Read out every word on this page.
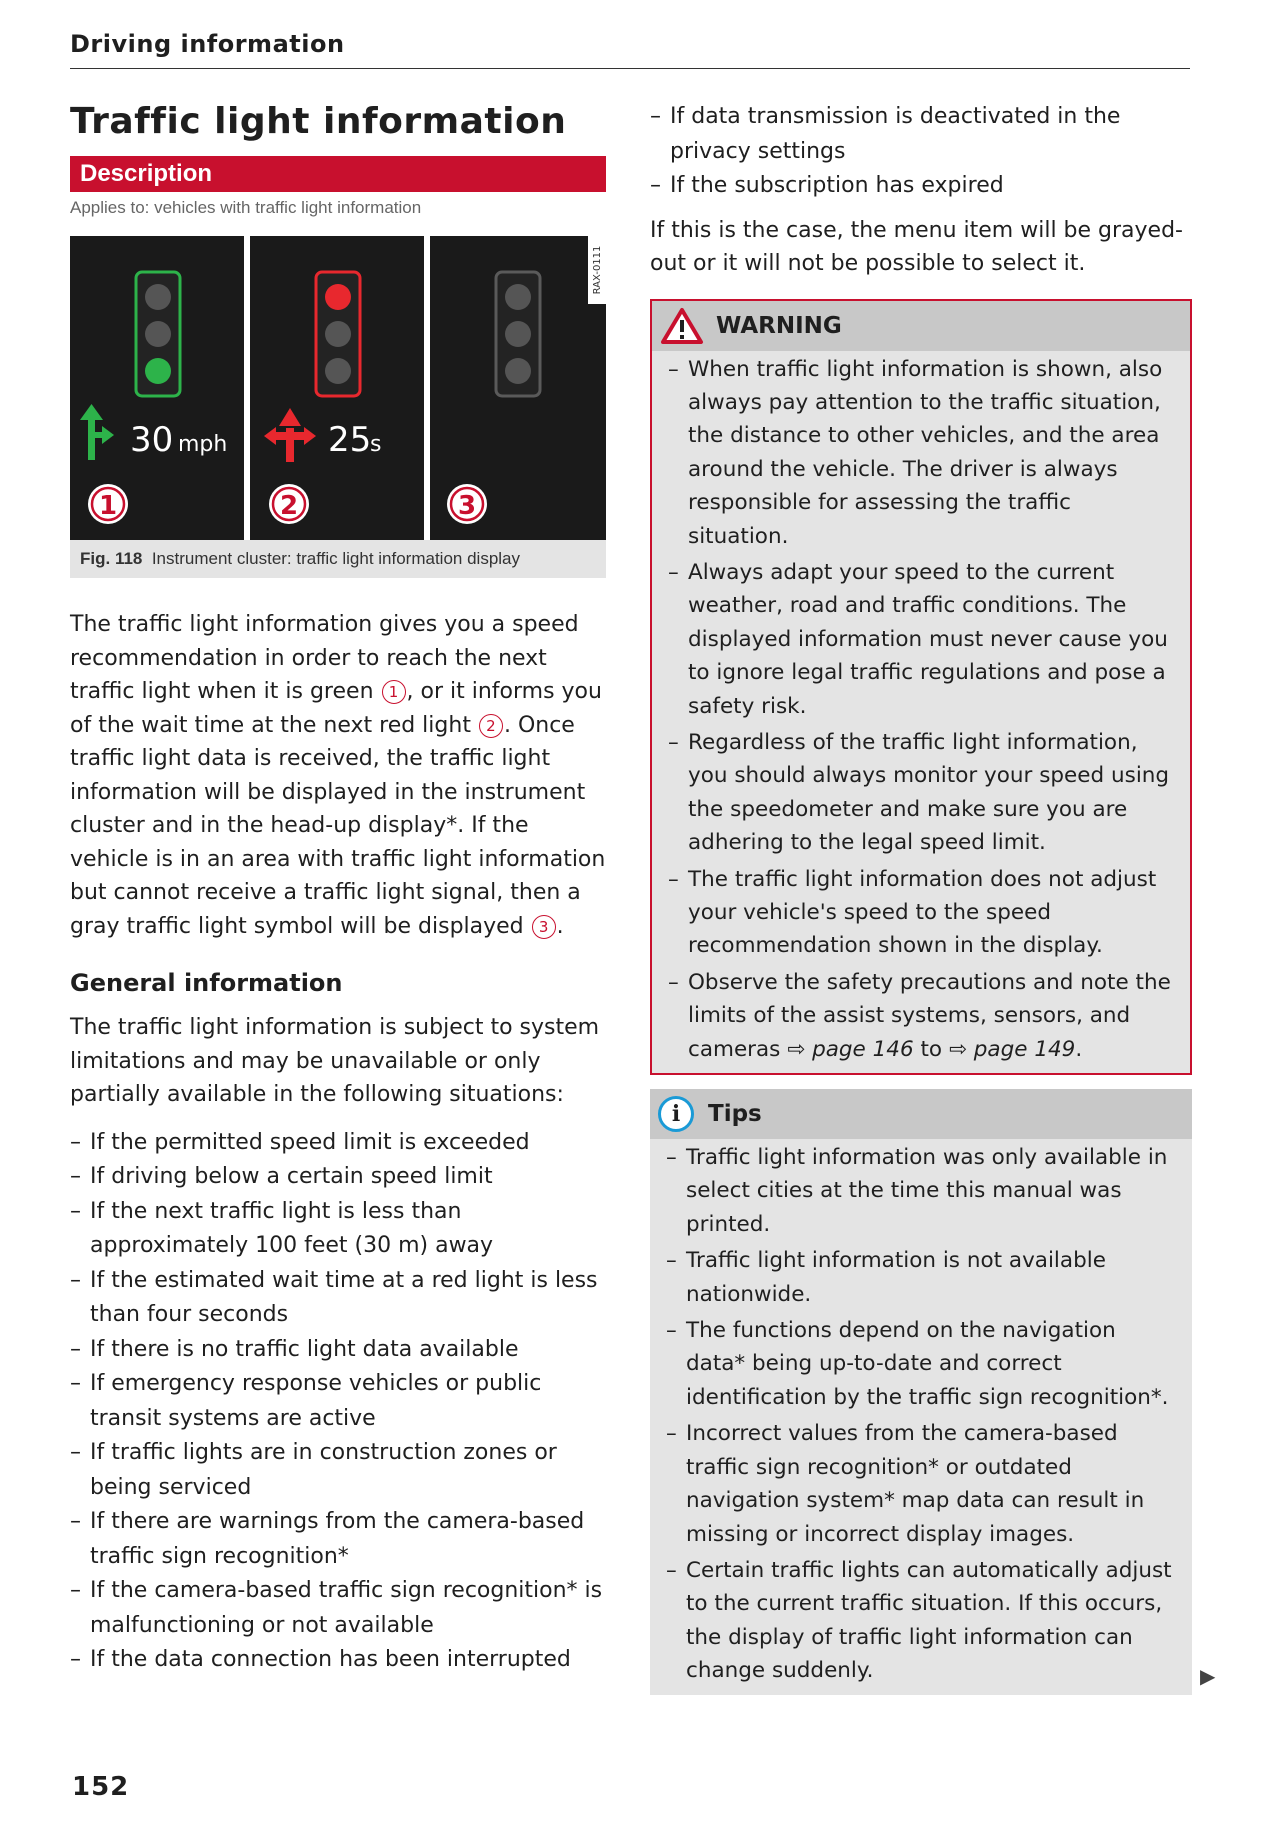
Driving information
Traffic light information
Description
Applies to: vehicles with traffic light information
30 mph
1
25
s
2	3
RAX-0111
Fig. 118 Instrument cluster: traffic light information display

The traffic light information gives you a speed recommendation in order to reach the next traffic light when it is green 1 , or it informs you of the wait time at the next red light 2 . Once traffic light data is received, the traffic light information will be displayed in the instrument cluster and in the head-up display*. If the vehicle is in an area with traffic light information but cannot receive a traffic light signal, then a gray traffic light symbol will be displayed 3 .

General information

The traffic light information is subject to system limitations and may be unavailable or only partially available in the following situations:

– If the permitted speed limit is exceeded
– If driving below a certain speed limit
– If the next traffic light is less than approximately 100 feet (30 m) away
– If the estimated wait time at a red light is less than four seconds
– If there is no traffic light data available
– If emergency response vehicles or public transit systems are active
– If traffic lights are in construction zones or being serviced
– If there are warnings from the camera-based traffic sign recognition*
– If the camera-based traffic sign recognition* is malfunctioning or not available
– If the data connection has been interrupted
– If data transmission is deactivated in the privacy settings
– If the subscription has expired

If this is the case, the menu item will be grayed-out or it will not be possible to select it.

WARNING
– When traffic light information is shown, also always pay attention to the traffic situation, the distance to other vehicles, and the area around the vehicle. The driver is always responsible for assessing the traffic situation.
– Always adapt your speed to the current weather, road and traffic conditions. The displayed information must never cause you to ignore legal traffic regulations and pose a safety risk.
– Regardless of the traffic light information, you should always monitor your speed using the speedometer and make sure you are adhering to the legal speed limit.
– The traffic light information does not adjust your vehicle's speed to the speed recommendation shown in the display.
– Observe the safety precautions and note the limits of the assist systems, sensors, and cameras ⇨ page 146 to ⇨ page 149.
i	Tips
– Traffic light information was only available in select cities at the time this manual was printed.
– Traffic light information is not available nationwide.
– The functions depend on the navigation data* being up-to-date and correct identification by the traffic sign recognition*.
– Incorrect values from the camera-based traffic sign recognition* or outdated navigation system* map data can result in missing or incorrect display images.
– Certain traffic lights can automatically adjust to the current traffic situation. If this occurs, the display of traffic light information can change suddenly.	▶
152
